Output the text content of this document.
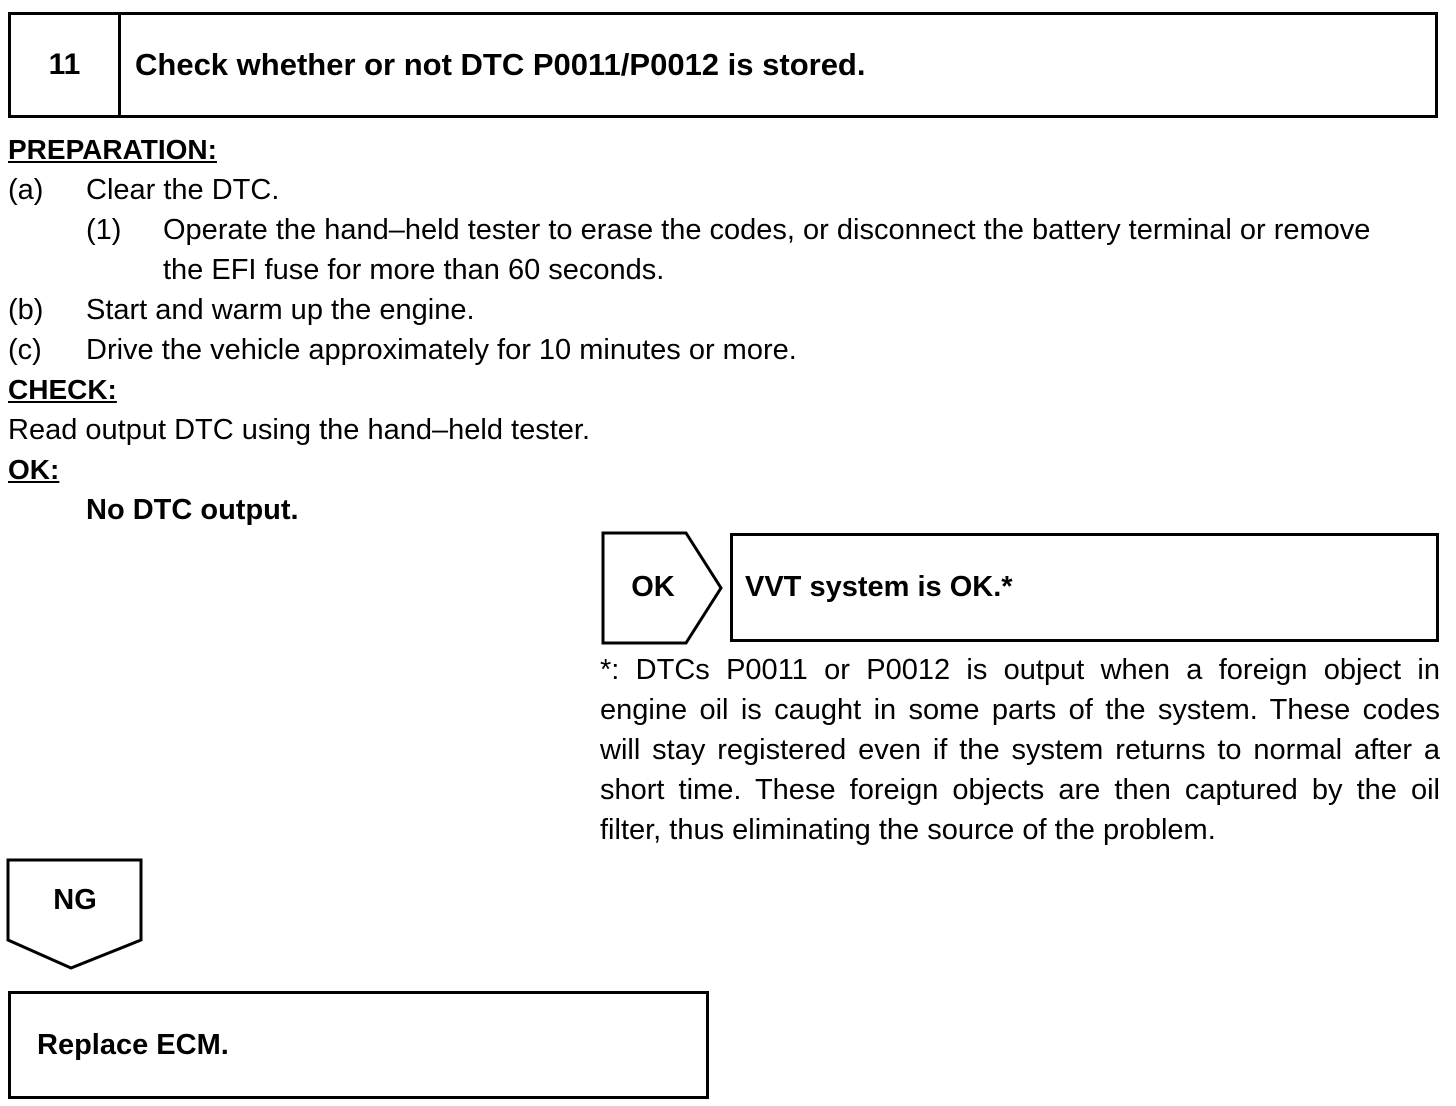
11	Check whether or not DTC P0011/P0012 is stored.
PREPARATION:
(a) Clear the DTC.
(1) Operate the hand–held tester to erase the codes, or disconnect the battery terminal or remove
the EFI fuse for more than 60 seconds.
(b) Start and warm up the engine.
(c) Drive the vehicle approximately for 10 minutes or more.
CHECK:
Read output DTC using the hand–held tester.
OK:
No DTC output.
OK	VVT system is OK.*
*: DTCs P0011 or P0012 is output when a foreign object in engine oil is caught in some parts of the system. These codes will stay registered even if the system returns to normal after a short time. These foreign objects are then captured by the oil filter, thus eliminating the source of the problem.
NG
Replace ECM.
